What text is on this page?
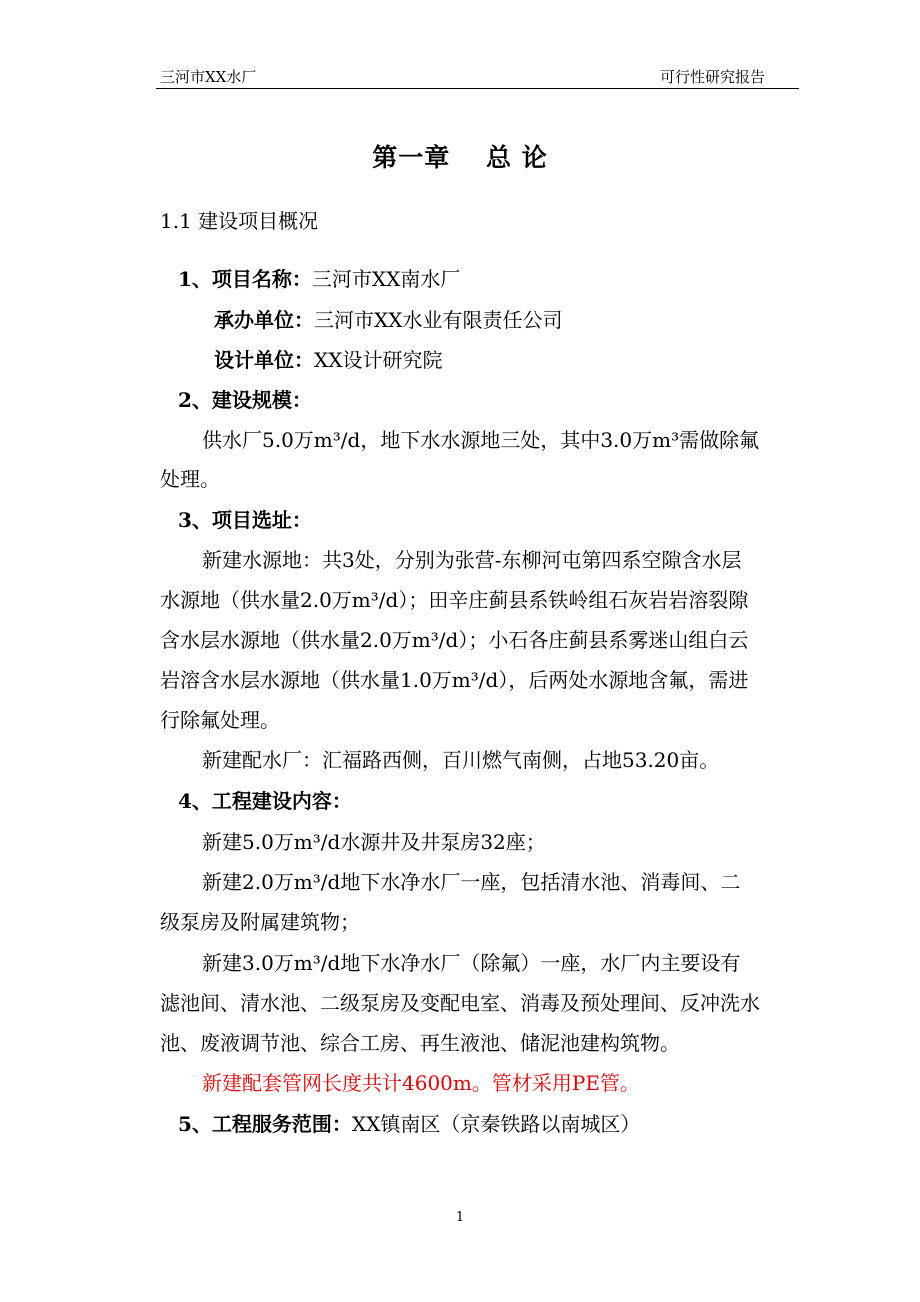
三河市XX水厂	可行性研究报告
第一章　 总 论
1.1 建设项目概况
1、项目名称：三河市XX南水厂
承办单位：三河市XX水业有限责任公司
设计单位：XX设计研究院
2、建设规模：
供水厂5.0万m³/d，地下水水源地三处，其中3.0万m³需做除氟
处理。
3、项目选址：
新建水源地：共3处，分别为张营-东柳河屯第四系空隙含水层
水源地（供水量2.0万m³/d）；田辛庄蓟县系铁岭组石灰岩岩溶裂隙
含水层水源地（供水量2.0万m³/d）；小石各庄蓟县系雾迷山组白云
岩溶含水层水源地（供水量1.0万m³/d），后两处水源地含氟，需进
行除氟处理。
新建配水厂：汇福路西侧，百川燃气南侧，占地53.20亩。
4、工程建设内容：
新建5.0万m³/d水源井及井泵房32座；
新建2.0万m³/d地下水净水厂一座，包括清水池、消毒间、二
级泵房及附属建筑物；
新建3.0万m³/d地下水净水厂（除氟）一座，水厂内主要设有
滤池间、清水池、二级泵房及变配电室、消毒及预处理间、反冲洗水
池、废液调节池、综合工房、再生液池、储泥池建构筑物。
新建配套管网长度共计4600m。管材采用PE管。
5、工程服务范围：XX镇南区（京秦铁路以南城区）
1
